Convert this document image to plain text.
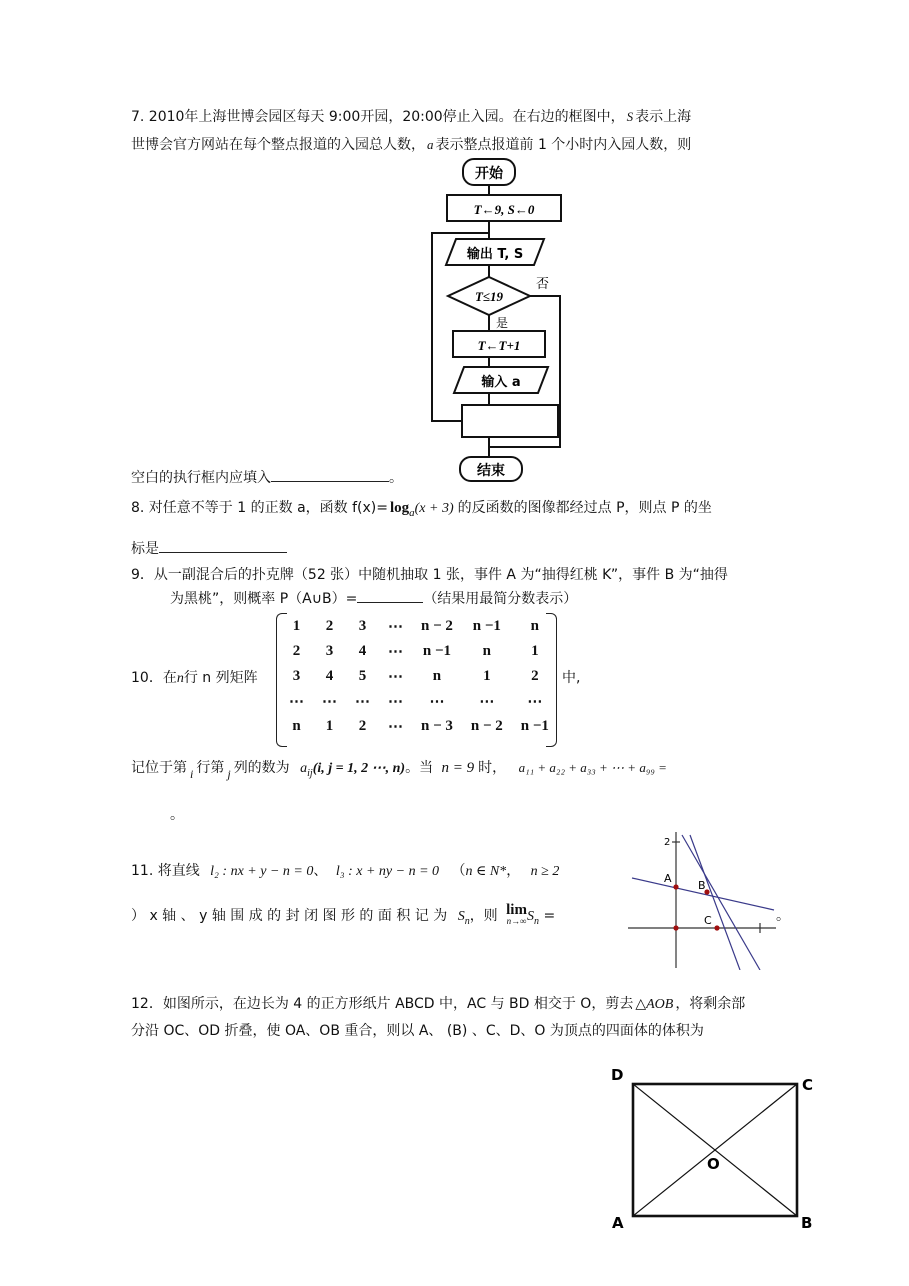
7. 2010年上海世博会园区每天 9:00开园，20:00停止入园。在右边的框图中， S 表示上海
世博会官方网站在每个整点报道的入园总人数， a 表示整点报道前 1 个小时内入园人数，则
开始
T←9, S←0
输出 T, S
T≤19
否
是
T←T+1
输入 a
结束
空白的执行框内应填入	。
8. 对任意不等于 1 的正数 a，函数 $f(x)= \log_a(x + 3)$ 的反函数的图像都经过点 P，则点 P 的坐
标是
9．从一副混合后的扑克牌（52 张）中随机抽取 1 张，事件 A 为“抽得红桃 K”，事件 B 为“抽得
为黑桃”，则概率 P（A∪B）=	（结果用最简分数表示）
10．在n行 n 列矩阵
1	2	3	⋯	n − 2	n −1	n
2	3	4	⋯	n −1	n	1
3	4	5	⋯	n	1	2
⋯	⋯	⋯	⋯	⋯	⋯	⋯
n	1	2	⋯	n − 3	n − 2	n −1
中,
记位于第 i 行第 j 列的数为 $a_{ij}(i$, j = 1, 2 ⋯, n)。当 n = 9 时， a₁₁ + a₂₂ + a₃₃ + ⋯ + a₉₉ =
。
11. 将直线 l₂ : nx + y − n = 0、 l₃ : x + ny − n = 0 （n ∈ N*， n ≥ 2
） x 轴 、 y 轴 围 成 的 封 闭 图 形 的 面 积 记 为 $S_n$，则 lim
n→∞ $S_n$ =	。
2
A
B
C
12．如图所示，在边长为 4 的正方形纸片 ABCD 中，AC 与 BD 相交于 O，剪去 △AOB ，将剩余部
分沿 OC、OD 折叠，使 OA、OB 重合，则以 A、 (B) 、C、D、O 为顶点的四面体的体积为
D
C
O
A	B
